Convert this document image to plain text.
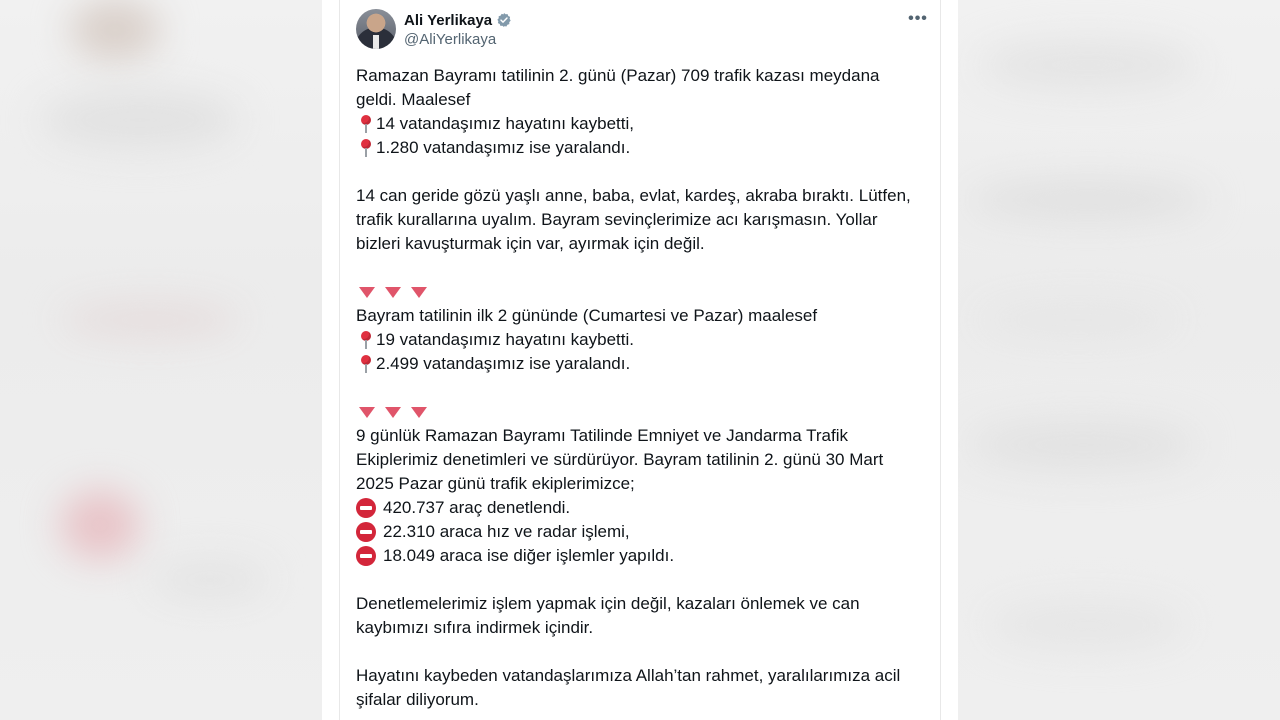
Ali Yerlikaya
@AliYerlikaya
•••
Ramazan Bayramı tatilinin 2. günü (Pazar) 709 trafik kazası meydana
geldi. Maalesef
14 vatandaşımız hayatını kaybetti,
1.280 vatandaşımız ise yaralandı.
14 can geride gözü yaşlı anne, baba, evlat, kardeş, akraba bıraktı. Lütfen,
trafik kurallarına uyalım. Bayram sevinçlerimize acı karışmasın. Yollar
bizleri kavuşturmak için var, ayırmak için değil.
Bayram tatilinin ilk 2 gününde (Cumartesi ve Pazar) maalesef
19 vatandaşımız hayatını kaybetti.
2.499 vatandaşımız ise yaralandı.
9 günlük Ramazan Bayramı Tatilinde Emniyet ve Jandarma Trafik
Ekiplerimiz denetimleri ve sürdürüyor. Bayram tatilinin 2. günü 30 Mart
2025 Pazar günü trafik ekiplerimizce;
420.737 araç denetlendi.
22.310 araca hız ve radar işlemi,
18.049 araca ise diğer işlemler yapıldı.
Denetlemelerimiz işlem yapmak için değil, kazaları önlemek ve can
kaybımızı sıfıra indirmek içindir.
Hayatını kaybeden vatandaşlarımıza Allah’tan rahmet, yaralılarımıza acil
şifalar diliyorum.
